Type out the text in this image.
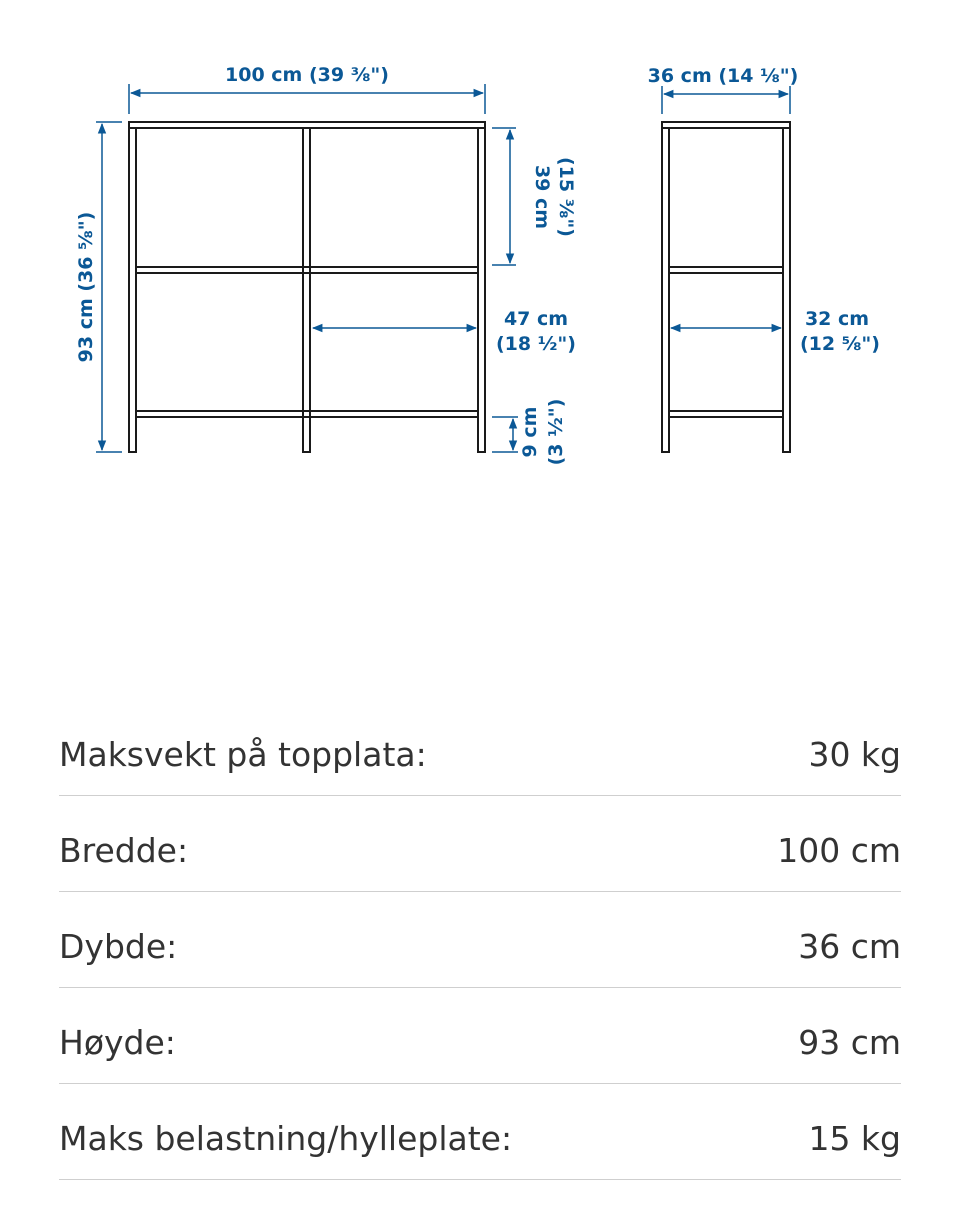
100 cm (39 ⅜")
93 cm (36 ⅝")
39 cm (15 ⅜")
47 cm
(18 ½")
9 cm (3 ½")
36 cm (14 ⅛")
32 cm
(12 ⅝")
Maksvekt på topplata:	30 kg
Bredde:	100 cm
Dybde:	36 cm
Høyde:	93 cm
Maks belastning/hylleplate:	15 kg
